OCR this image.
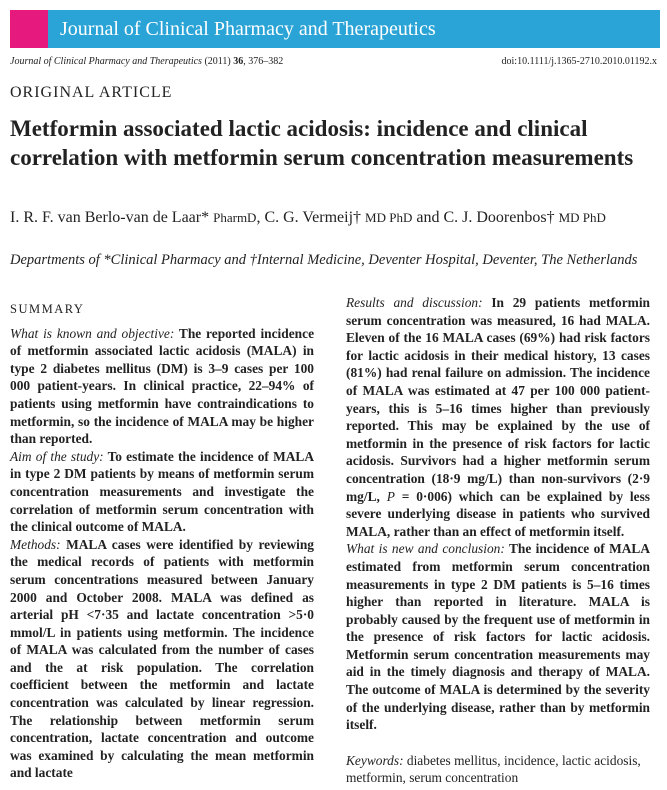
Journal of Clinical Pharmacy and Therapeutics
Journal of Clinical Pharmacy and Therapeutics (2011) 36, 376–382	doi:10.1111/j.1365-2710.2010.01192.x
ORIGINAL ARTICLE
Metformin associated lactic acidosis: incidence and clinical correlation with metformin serum concentration measurements
I. R. F. van Berlo-van de Laar* PharmD, C. G. Vermeij† MD PhD and C. J. Doorenbos† MD PhD
Departments of *Clinical Pharmacy and †Internal Medicine, Deventer Hospital, Deventer, The Netherlands

SUMMARY

What is known and objective: The reported incidence of metformin associated lactic acidosis (MALA) in type 2 diabetes mellitus (DM) is 3–9 cases per 100 000 patient-years. In clinical practice, 22–94% of patients using metformin have contraindications to metformin, so the incidence of MALA may be higher than reported.

Aim of the study: To estimate the incidence of MALA in type 2 DM patients by means of metformin serum concentration measurements and investigate the correlation of metformin serum concentration with the clinical outcome of MALA.

Methods: MALA cases were identified by reviewing the medical records of patients with metformin serum concentrations measured between January 2000 and October 2008. MALA was defined as arterial pH <7·35 and lactate concentration >5·0 mmol/L in patients using metformin. The incidence of MALA was calculated from the number of cases and the at risk population. The correlation coefficient between the metformin and lactate concentration was calculated by linear regression. The relationship between metformin serum concentration, lactate concentration and outcome was examined by calculating the mean metformin and lactate

Results and discussion: In 29 patients metformin serum concentration was measured, 16 had MALA. Eleven of the 16 MALA cases (69%) had risk factors for lactic acidosis in their medical history, 13 cases (81%) had renal failure on admission. The incidence of MALA was estimated at 47 per 100 000 patient-years, this is 5–16 times higher than previously reported. This may be explained by the use of metformin in the presence of risk factors for lactic acidosis. Survivors had a higher metformin serum concentration (18·9 mg/L) than non-survivors (2·9 mg/L, P = 0·006) which can be explained by less severe underlying disease in patients who survived MALA, rather than an effect of metformin itself.

What is new and conclusion: The incidence of MALA estimated from metformin serum concentration measurements in type 2 DM patients is 5–16 times higher than reported in literature. MALA is probably caused by the frequent use of metformin in the presence of risk factors for lactic acidosis. Metformin serum concentration measurements may aid in the timely diagnosis and therapy of MALA. The outcome of MALA is determined by the severity of the underlying disease, rather than by metformin itself.

Keywords: diabetes mellitus, incidence, lactic acidosis, metformin, serum concentration
